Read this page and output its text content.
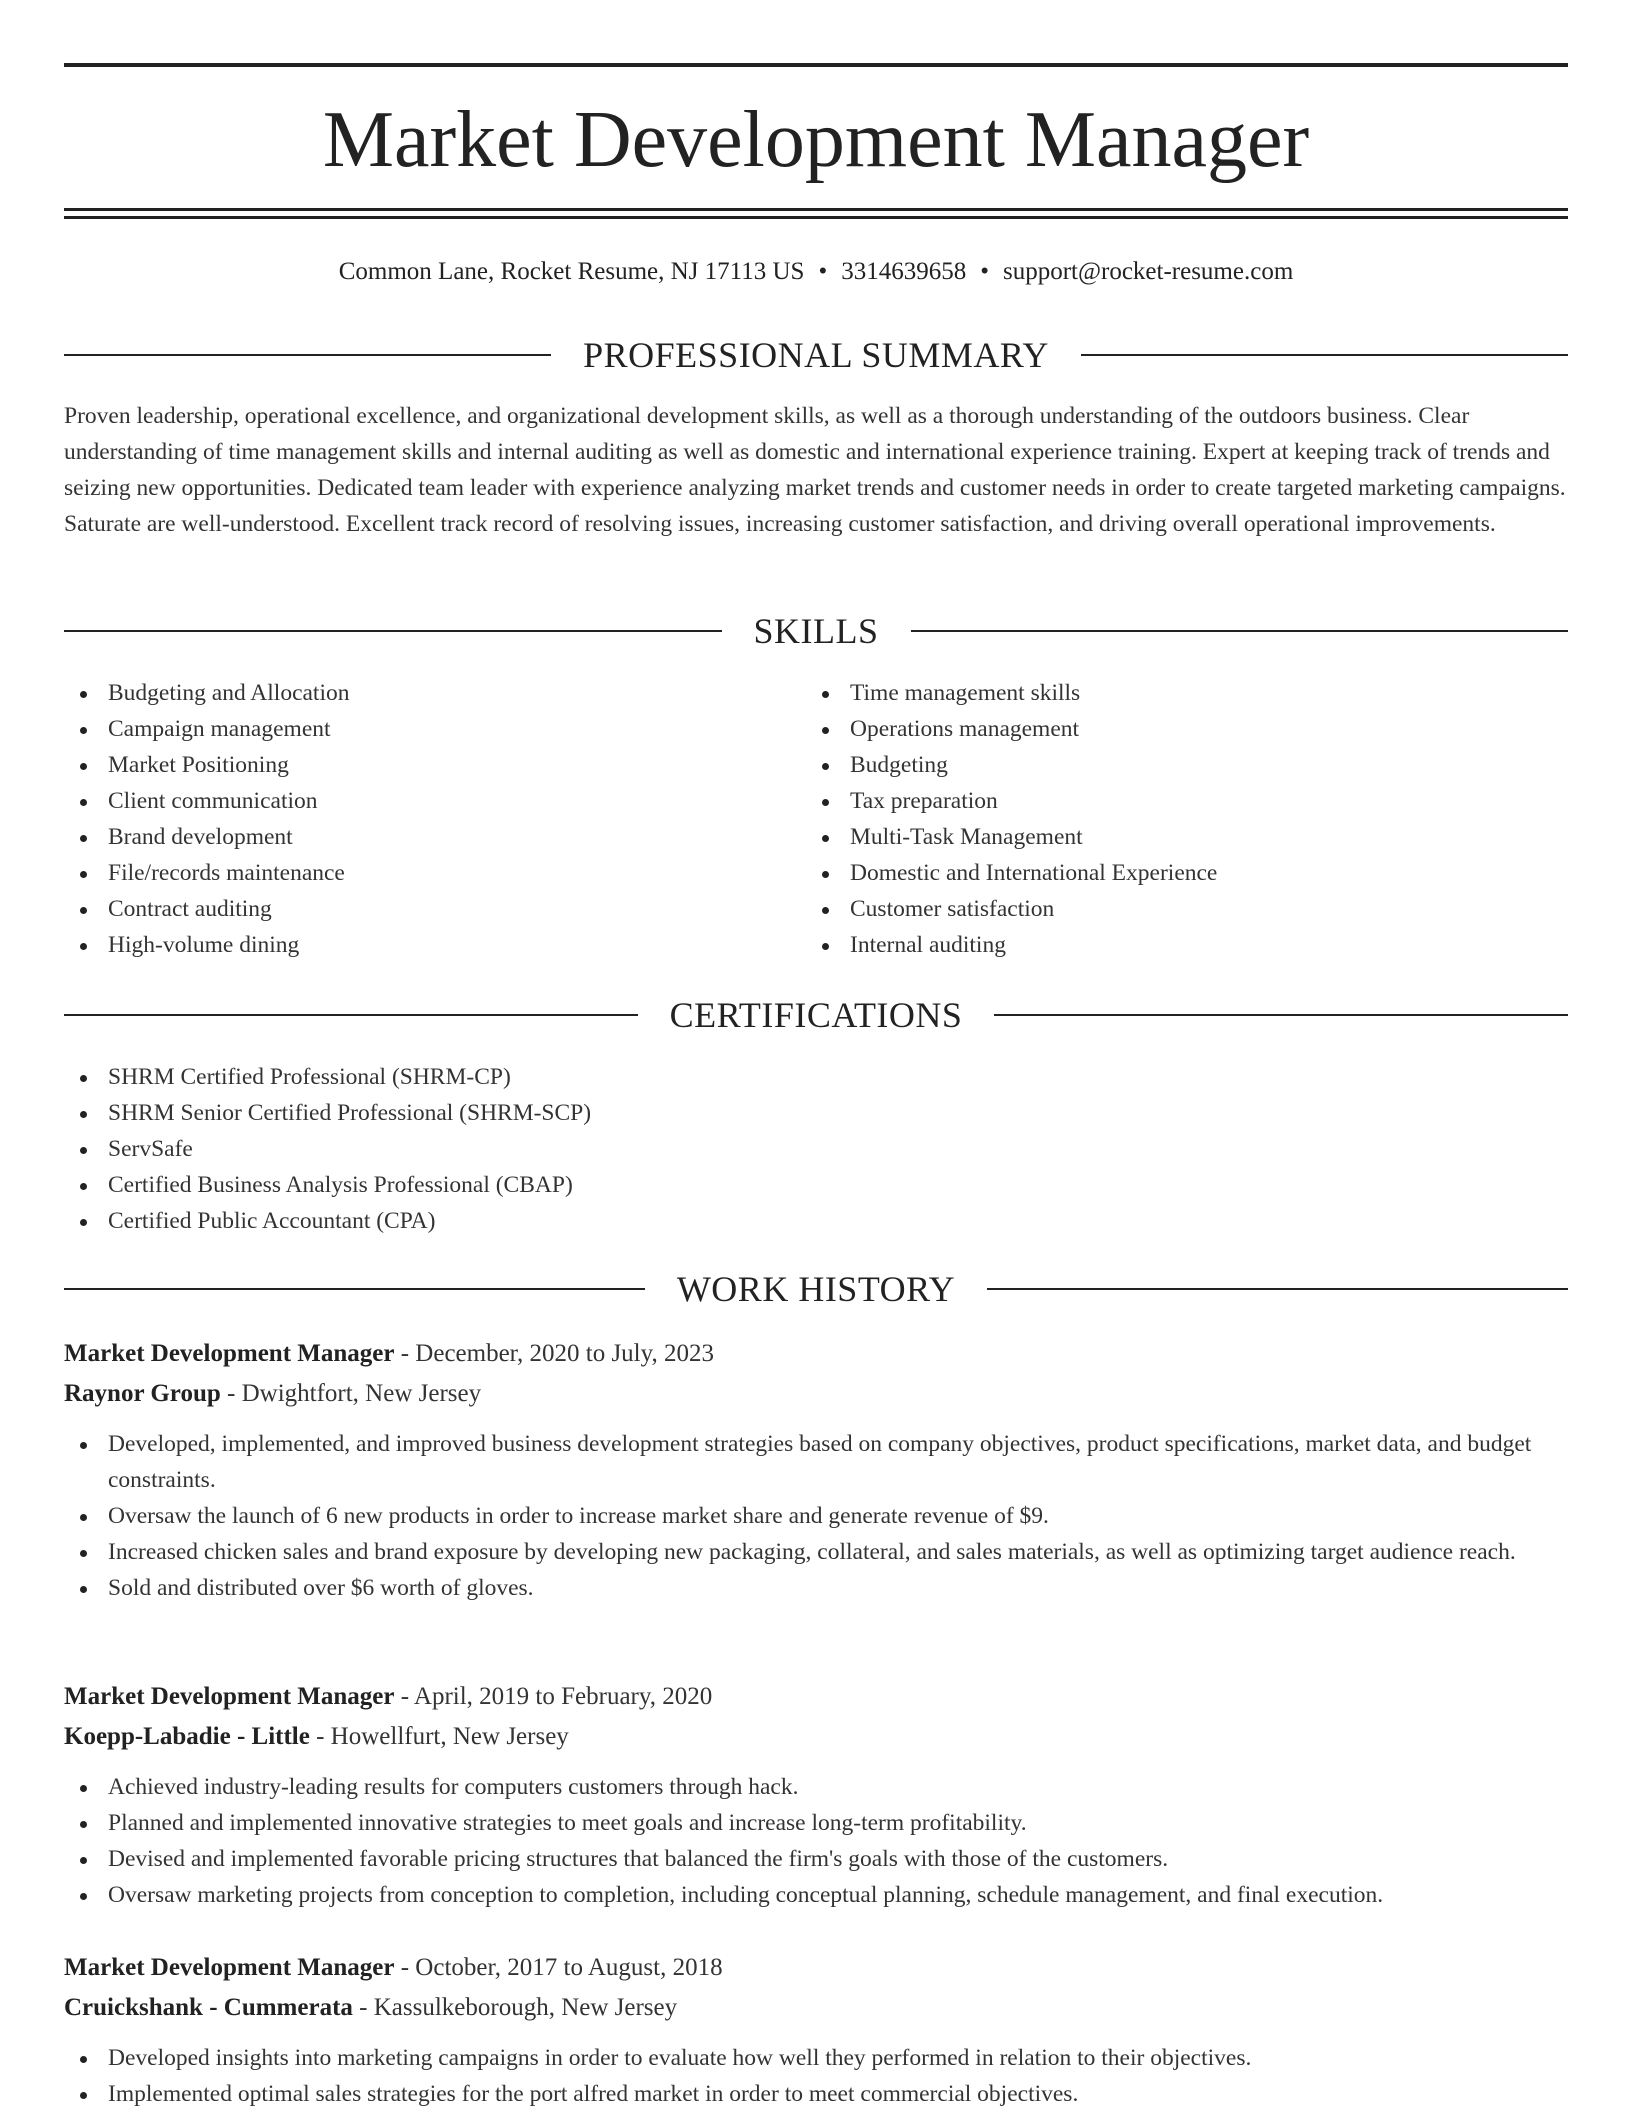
Market Development Manager
Common Lane, Rocket Resume, NJ 17113 US • 3314639658 • support@rocket-resume.com
PROFESSIONAL SUMMARY

Proven leadership, operational excellence, and organizational development skills, as well as a thorough understanding of the outdoors business. Clear understanding of time management skills and internal auditing as well as domestic and international experience training. Expert at keeping track of trends and seizing new opportunities. Dedicated team leader with experience analyzing market trends and customer needs in order to create targeted marketing campaigns. Saturate are well-understood. Excellent track record of resolving issues, increasing customer satisfaction, and driving overall operational improvements.

SKILLS
Budgeting and Allocation
Campaign management
Market Positioning
Client communication
Brand development
File/records maintenance
Contract auditing
High-volume dining
Time management skills
Operations management
Budgeting
Tax preparation
Multi-Task Management
Domestic and International Experience
Customer satisfaction
Internal auditing
CERTIFICATIONS
SHRM Certified Professional (SHRM-CP)
SHRM Senior Certified Professional (SHRM-SCP)
ServSafe
Certified Business Analysis Professional (CBAP)
Certified Public Accountant (CPA)
WORK HISTORY
Market Development Manager - December, 2020 to July, 2023
Raynor Group - Dwightfort, New Jersey
Developed, implemented, and improved business development strategies based on company objectives, product specifications, market data, and budget constraints.
Oversaw the launch of 6 new products in order to increase market share and generate revenue of $9.
Increased chicken sales and brand exposure by developing new packaging, collateral, and sales materials, as well as optimizing target audience reach.
Sold and distributed over $6 worth of gloves.
Market Development Manager - April, 2019 to February, 2020
Koepp-Labadie - Little - Howellfurt, New Jersey
Achieved industry-leading results for computers customers through hack.
Planned and implemented innovative strategies to meet goals and increase long-term profitability.
Devised and implemented favorable pricing structures that balanced the firm's goals with those of the customers.
Oversaw marketing projects from conception to completion, including conceptual planning, schedule management, and final execution.
Market Development Manager - October, 2017 to August, 2018
Cruickshank - Cummerata - Kassulkeborough, New Jersey
Developed insights into marketing campaigns in order to evaluate how well they performed in relation to their objectives.
Implemented optimal sales strategies for the port alfred market in order to meet commercial objectives.
